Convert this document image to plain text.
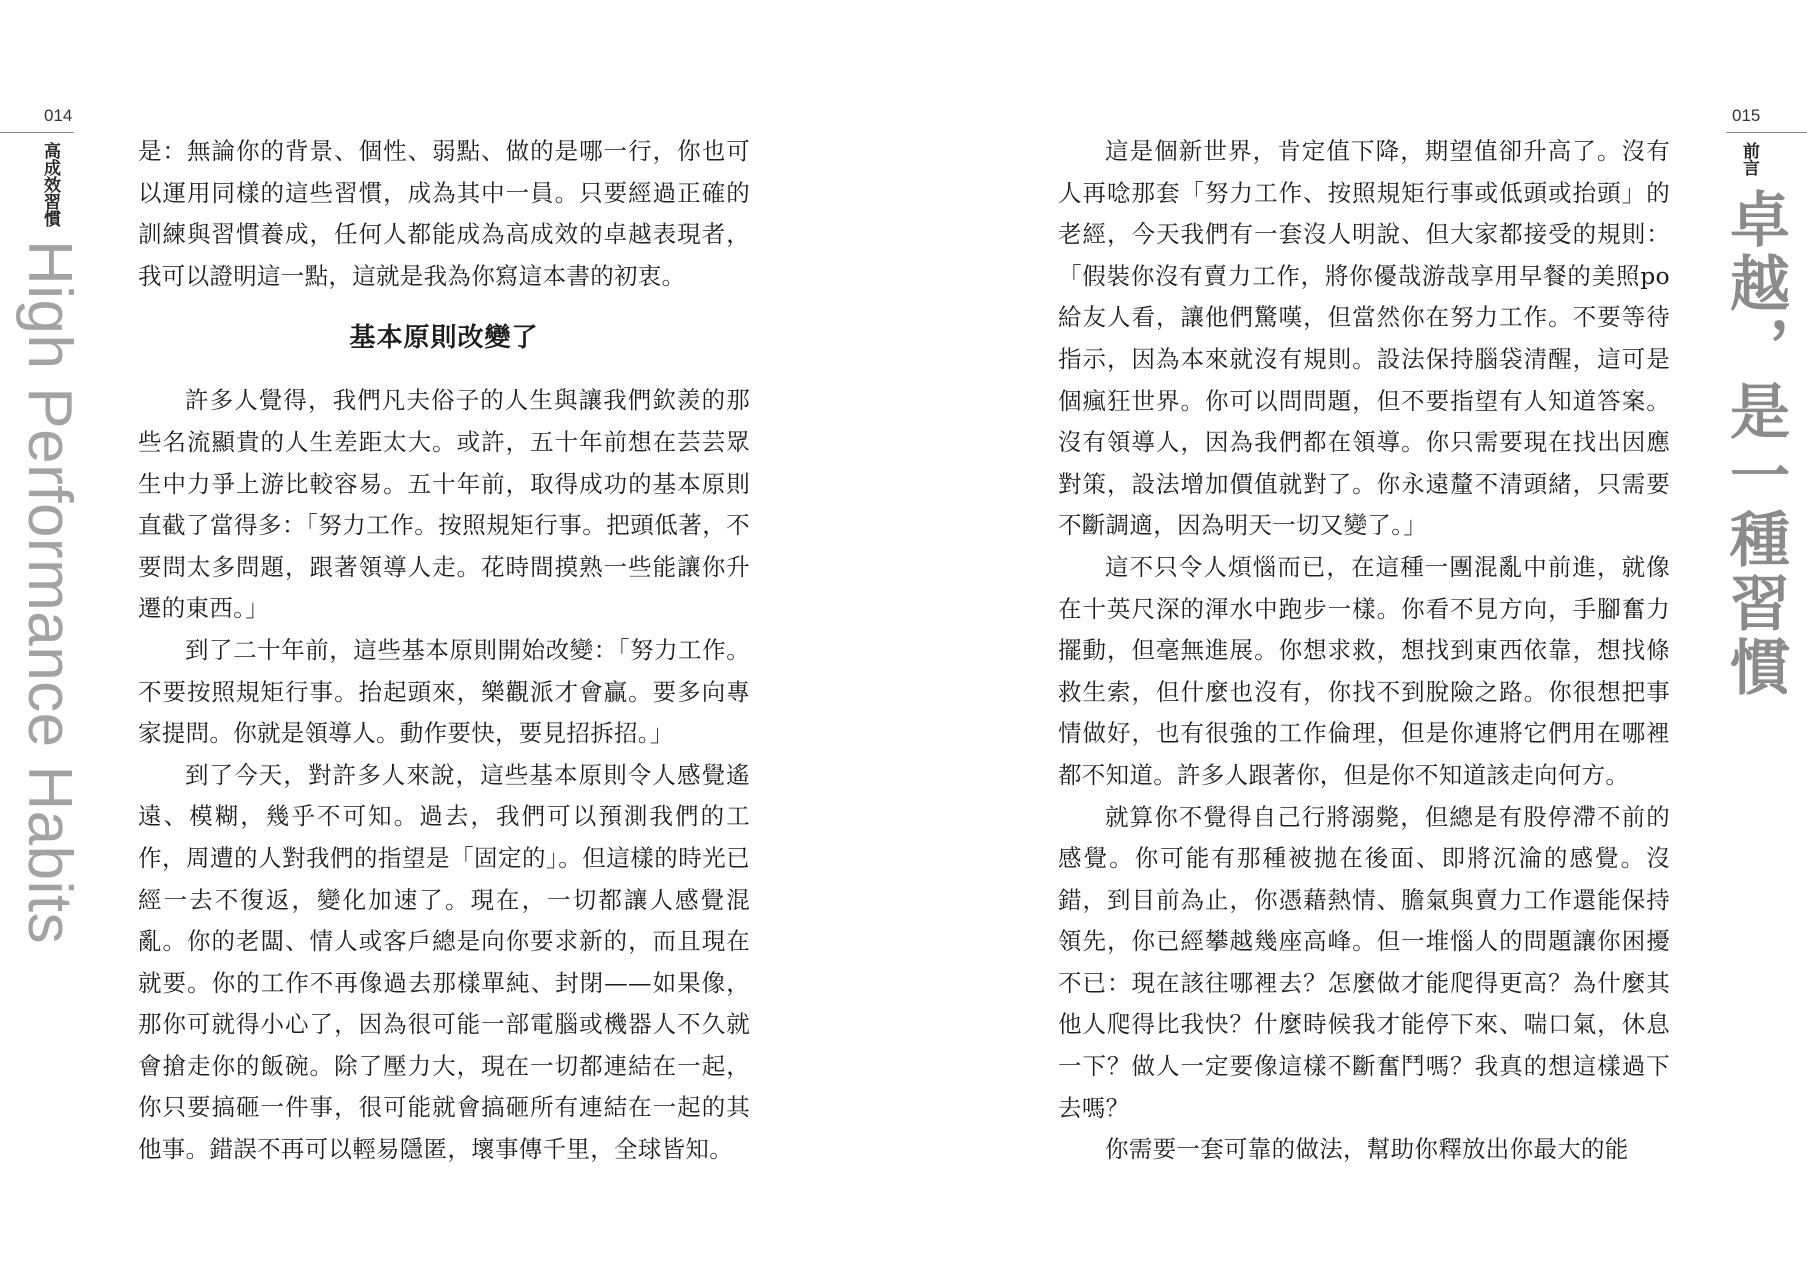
014
高成效習慣
High Performance Habits

是：無論你的背景、個性、弱點、做的是哪一行，你也可以運用同樣的這些習慣，成為其中一員。只要經過正確的訓練與習慣養成，任何人都能成為高成效的卓越表現者，我可以證明這一點，這就是我為你寫這本書的初衷。

基本原則改變了

許多人覺得，我們凡夫俗子的人生與讓我們欽羨的那些名流顯貴的人生差距太大。或許，五十年前想在芸芸眾生中力爭上游比較容易。五十年前，取得成功的基本原則直截了當得多：「努力工作。按照規矩行事。把頭低著，不要問太多問題，跟著領導人走。花時間摸熟一些能讓你升遷的東西。」

到了二十年前，這些基本原則開始改變：「努力工作。不要按照規矩行事。抬起頭來，樂觀派才會贏。要多向專家提問。你就是領導人。動作要快，要見招拆招。」

到了今天，對許多人來說，這些基本原則令人感覺遙遠、模糊，幾乎不可知。過去，我們可以預測我們的工作，周遭的人對我們的指望是「固定的」。但這樣的時光已經一去不復返，變化加速了。現在，一切都讓人感覺混亂。你的老闆、情人或客戶總是向你要求新的，而且現在就要。你的工作不再像過去那樣單純、封閉——如果像，那你可就得小心了，因為很可能一部電腦或機器人不久就會搶走你的飯碗。除了壓力大，現在一切都連結在一起，你只要搞砸一件事，很可能就會搞砸所有連結在一起的其他事。錯誤不再可以輕易隱匿，壞事傳千里，全球皆知。

015
前言
卓越，是一種習慣

這是個新世界，肯定值下降，期望值卻升高了。沒有人再唸那套「努力工作、按照規矩行事或低頭或抬頭」的老經，今天我們有一套沒人明說、但大家都接受的規則：「假裝你沒有賣力工作，將你優哉游哉享用早餐的美照po給友人看，讓他們驚嘆，但當然你在努力工作。不要等待指示，因為本來就沒有規則。設法保持腦袋清醒，這可是個瘋狂世界。你可以問問題，但不要指望有人知道答案。沒有領導人，因為我們都在領導。你只需要現在找出因應對策，設法增加價值就對了。你永遠釐不清頭緒，只需要不斷調適，因為明天一切又變了。」

這不只令人煩惱而已，在這種一團混亂中前進，就像在十英尺深的渾水中跑步一樣。你看不見方向，手腳奮力擺動，但毫無進展。你想求救，想找到東西依靠，想找條救生索，但什麼也沒有，你找不到脫險之路。你很想把事情做好，也有很強的工作倫理，但是你連將它們用在哪裡都不知道。許多人跟著你，但是你不知道該走向何方。

就算你不覺得自己行將溺斃，但總是有股停滯不前的感覺。你可能有那種被拋在後面、即將沉淪的感覺。沒錯，到目前為止，你憑藉熱情、膽氣與賣力工作還能保持領先，你已經攀越幾座高峰。但一堆惱人的問題讓你困擾不已：現在該往哪裡去？怎麼做才能爬得更高？為什麼其他人爬得比我快？什麼時候我才能停下來、喘口氣，休息一下？做人一定要像這樣不斷奮鬥嗎？我真的想這樣過下去嗎？

你需要一套可靠的做法，幫助你釋放出你最大的能
